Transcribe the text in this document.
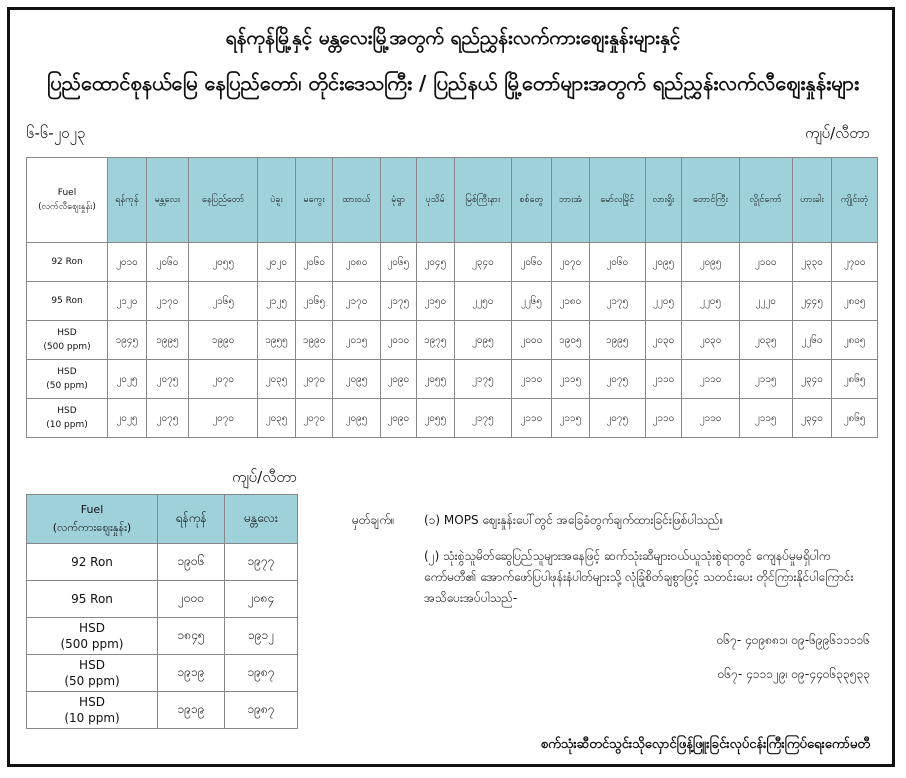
ရန်ကုန်မြို့နှင့် မန္တလေးမြို့အတွက် ရည်ညွှန်းလက်ကားဈေးနှုန်းများနှင့်
ပြည်ထောင်စုနယ်မြေ နေပြည်တော်၊ တိုင်းဒေသကြီး / ပြည်နယ် မြို့တော်များအတွက် ရည်ညွှန်းလက်လီဈေးနှုန်းများ
၆-၆-၂၀၂၃	ကျပ်/လီတာ
Fuel
(လက်လီဈေးနှုန်း)	ရန်ကုန်	မန္တလေး	နေပြည်တော်	ပဲခူး	မကွေး	ထားဝယ်	မုံရွာ	ပုသိမ်	မြစ်ကြီးနား	စစ်တွေ	ဘားအံ	မော်လမြိုင်	လားရှိုး	တောင်ကြီး	လွိုင်ကော်	ဟားခါး	ကျိုင်းတုံ
92 Ron	၂၀၁၀	၂၀၆၀	၂၀၅၅	၂၀၂၀	၂၀၆၀	၂၀၈၀	၂၀၆၅	၂၀၄၅	၂၃၄၀	၂၀၆၀	၂၀၇၀	၂၀၆၀	၂၀၉၅	၂၀၉၅	၂၁၀၀	၂၃၃၀	၂၇၀၀
95 Ron	၂၁၂၀	၂၁၇၀	၂၁၆၅	၂၁၂၅	၂၁၆၅	၂၁၇၀	၂၁၇၅	၂၁၅၀	၂၂၅၀	၂၂၆၅	၂၁၈၀	၂၁၇၅	၂၂၀၅	၂၂၀၅	၂၂၂၀	၂၄၄၅	၂၈၀၅
HSD
(500 ppm)	၁၉၄၅	၁၉၉၅	၁၉၉၀	၁၉၅၅	၁၉၉၀	၂၀၁၅	၂၀၁၀	၁၉၇၅	၂၀၉၅	၂၀၀၀	၁၉၀၅	၁၉၉၅	၂၀၃၀	၂၀၃၀	၂၀၃၅	၂၂၆၀	၂၈၀၅
HSD
(50 ppm)	၂၀၂၅	၂၀၇၅	၂၀၇၀	၂၀၃၅	၂၀၇၀	၂၀၉၅	၂၀၉၀	၂၀၅၅	၂၁၇၅	၂၁၁၀	၂၁၁၅	၂၀၇၅	၂၁၁၀	၂၁၁၀	၂၁၁၅	၂၃၄၀	၂၈၆၅
HSD
(10 ppm)	၂၀၂၅	၂၀၇၅	၂၀၇၀	၂၀၃၅	၂၀၇၀	၂၀၉၅	၂၀၉၀	၂၀၅၅	၂၁၇၅	၂၁၁၀	၂၁၁၅	၂၀၇၅	၂၁၁၀	၂၁၁၀	၂၁၁၅	၂၃၄၀	၂၈၆၅
ကျပ်/လီတာ
Fuel
(လက်ကားဈေးနှုန်း)	ရန်ကုန်	မန္တလေး
92 Ron	၁၉၀၆	၁၉၇၇
95 Ron	၂၀၀၀	၂၀၈၄
HSD
(500 ppm)	၁၈၄၅	၁၉၁၂
HSD
(50 ppm)	၁၉၁၉	၁၉၈၇
HSD
(10 ppm)	၁၉၁၉	၁၉၈၇
မှတ်ချက်။ (၁) MOPS ဈေးနှုန်းပေါ်တွင် အခြေခံတွက်ချက်ထားခြင်းဖြစ်ပါသည်။
(၂) သုံးစွဲသူမိတ်ဆွေပြည်သူများအနေဖြင့် ဆက်သုံးဆီများဝယ်ယူသုံးစွဲရာတွင် ကျေနပ်မှုမရှိပါက ကော်မတီ၏ အောက်ဖော်ပြပါဖုန်းနံပါတ်များသို့ လုံခြုံစိတ်ချစွာဖြင့် သတင်းပေး တိုင်ကြားနိုင်ပါကြောင်း အသိပေးအပ်ပါသည်-
၀၆၇- ၄၀၉၈၈၁၊ ၀၉-၆၉၉၆၁၁၁၁၆
၀၆၇- ၄၁၁၁၂၉၊ ၀၉-၄၄၀၆၃၃၅၃၃
စက်သုံးဆီတင်သွင်းသိုလှောင်ဖြန့်ဖြူးခြင်းလုပ်ငန်းကြီးကြပ်ရေးကော်မတီ
